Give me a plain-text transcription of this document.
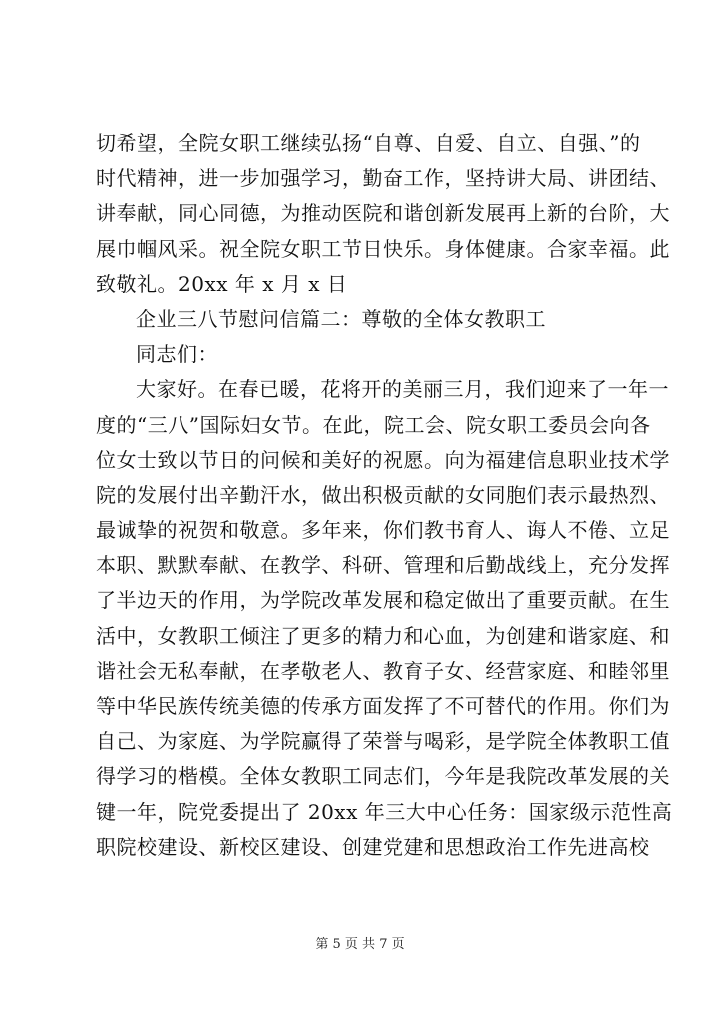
切希望，全院女职工继续弘扬“自尊、自爱、自立、自强、”的
时代精神，进一步加强学习，勤奋工作，坚持讲大局、讲团结、
讲奉献，同心同德，为推动医院和谐创新发展再上新的台阶，大
展巾帼风采。祝全院女职工节日快乐。身体健康。合家幸福。此
致敬礼。20xx 年 x 月 x 日
企业三八节慰问信篇二：尊敬的全体女教职工
同志们：
大家好。在春已暖，花将开的美丽三月，我们迎来了一年一
度的“三八”国际妇女节。在此，院工会、院女职工委员会向各
位女士致以节日的问候和美好的祝愿。向为福建信息职业技术学
院的发展付出辛勤汗水，做出积极贡献的女同胞们表示最热烈、
最诚挚的祝贺和敬意。多年来，你们教书育人、诲人不倦、立足
本职、默默奉献、在教学、科研、管理和后勤战线上，充分发挥
了半边天的作用，为学院改革发展和稳定做出了重要贡献。在生
活中，女教职工倾注了更多的精力和心血，为创建和谐家庭、和
谐社会无私奉献，在孝敬老人、教育子女、经营家庭、和睦邻里
等中华民族传统美德的传承方面发挥了不可替代的作用。你们为
自己、为家庭、为学院赢得了荣誉与喝彩，是学院全体教职工值
得学习的楷模。全体女教职工同志们，今年是我院改革发展的关
键一年，院党委提出了 20xx 年三大中心任务：国家级示范性高
职院校建设、新校区建设、创建党建和思想政治工作先进高校
第 5 页 共 7 页
